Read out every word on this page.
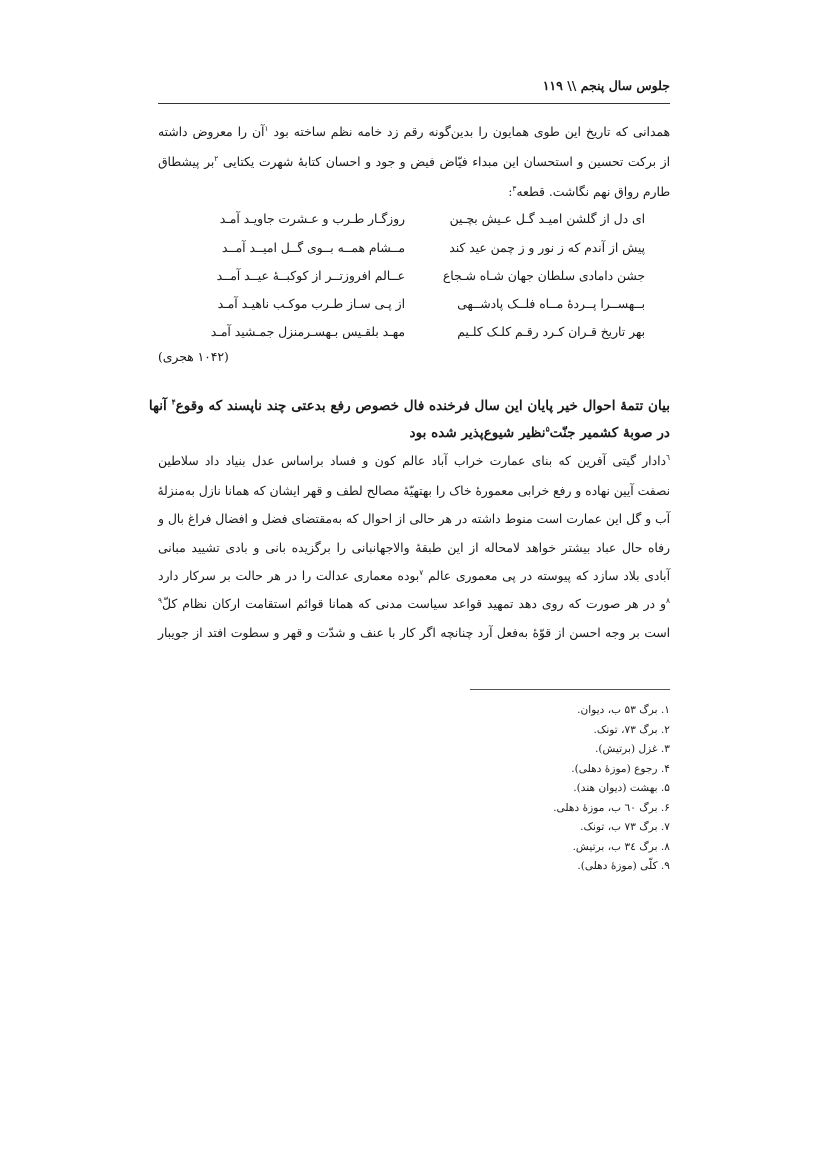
جلوس سال پنجم \\ ۱۱۹
همدانی که تاریخ این طوی همایون را بدین‌گونه رقم زد خامه نظم ساخته بود $^١$آن را معروض داشته
از برکت تحسین و استحسان این مبداء فیّاض فیض و جود و احسان کتابهٔ شهرت یکتایی $^٢$بر پیشطاق
طارم رواق نهم نگاشت. قطعه$^٣$:
ای دل از گلشن امیـد گـل عـیش بچـین
روزگـار طـرب و عـشرت جاویـد آمـد
پیش از آندم که ز نور و ز چمن عید کند
مــشام همــه بــوی گــل امیــد آمــد
جشن دامادی سلطان جهان شـاه شـجاع
عــالم افروزتــر از کوکبــهٔ عیــد آمــد
بــهســرا پــردهٔ مــاه فلــک پادشــهی
از پـی سـاز طـرب موکـب ناهیـد آمـد
بهر تاریخ قـران کـرد رقـم کلـک کلـیم
مهـد بلقـیس بـهسـرمنزل جمـشید آمـد
(۱۰۴۲ هجری)
بیان تتمهٔ احوال خیر پایان این سال فرخنده فال خصوص رفع بدعتی چند ناپسند که وقوع$^۴$ آنها
در صوبهٔ کشمیر جنّت$^۵$نظیر شیوع‌پذیر شده بود
$^٦$دادار گیتی آفرین که بنای عمارت خراب آباد عالم کون و فساد براساس عدل بنیاد داد سلاطین
نصفت آیین نهاده و رفع خرابی معمورهٔ خاک را بهتهیّهٔ مصالح لطف و قهر ایشان که همانا نازل به‌منزلهٔ
آب و گل این عمارت است منوط داشته در هر حالی از احوال که به‌مقتضای فضل و افضال فراغ بال و
رفاه حال عباد بیشتر خواهد لامحاله از این طبقهٔ والاجهانبانی را برگزیده بانی و بادی تشیید مبانی
آبادی بلاد سازد که پیوسته در پی معموری عالم $^٧$بوده معماری عدالت را در هر حالت بر سرکار دارد
$^٨$و در هر صورت که روی دهد تمهید قواعد سیاست مدنی که همانا قوائم استقامت ارکان نظام کلّ$^٩$
است بر وجه احسن از قوّهٔ به‌فعل آرد چنانچه اگر کار با عنف و شدّت و قهر و سطوت افتد از جویبار
۱. برگ ۵۳ ب، دیوان.
۲. برگ ۷۳، تونک.
۳. غزل (برتیش).
۴. رجوع (موزهٔ دهلی).
۵. بهشت (دیوان هند).
۶. برگ ٦۰ ب، موزهٔ دهلی.
۷. برگ ۷۳ ب، تونک.
۸. برگ ۳٤ ب، برتیش.
۹. کلّی (موزهٔ دهلی).
